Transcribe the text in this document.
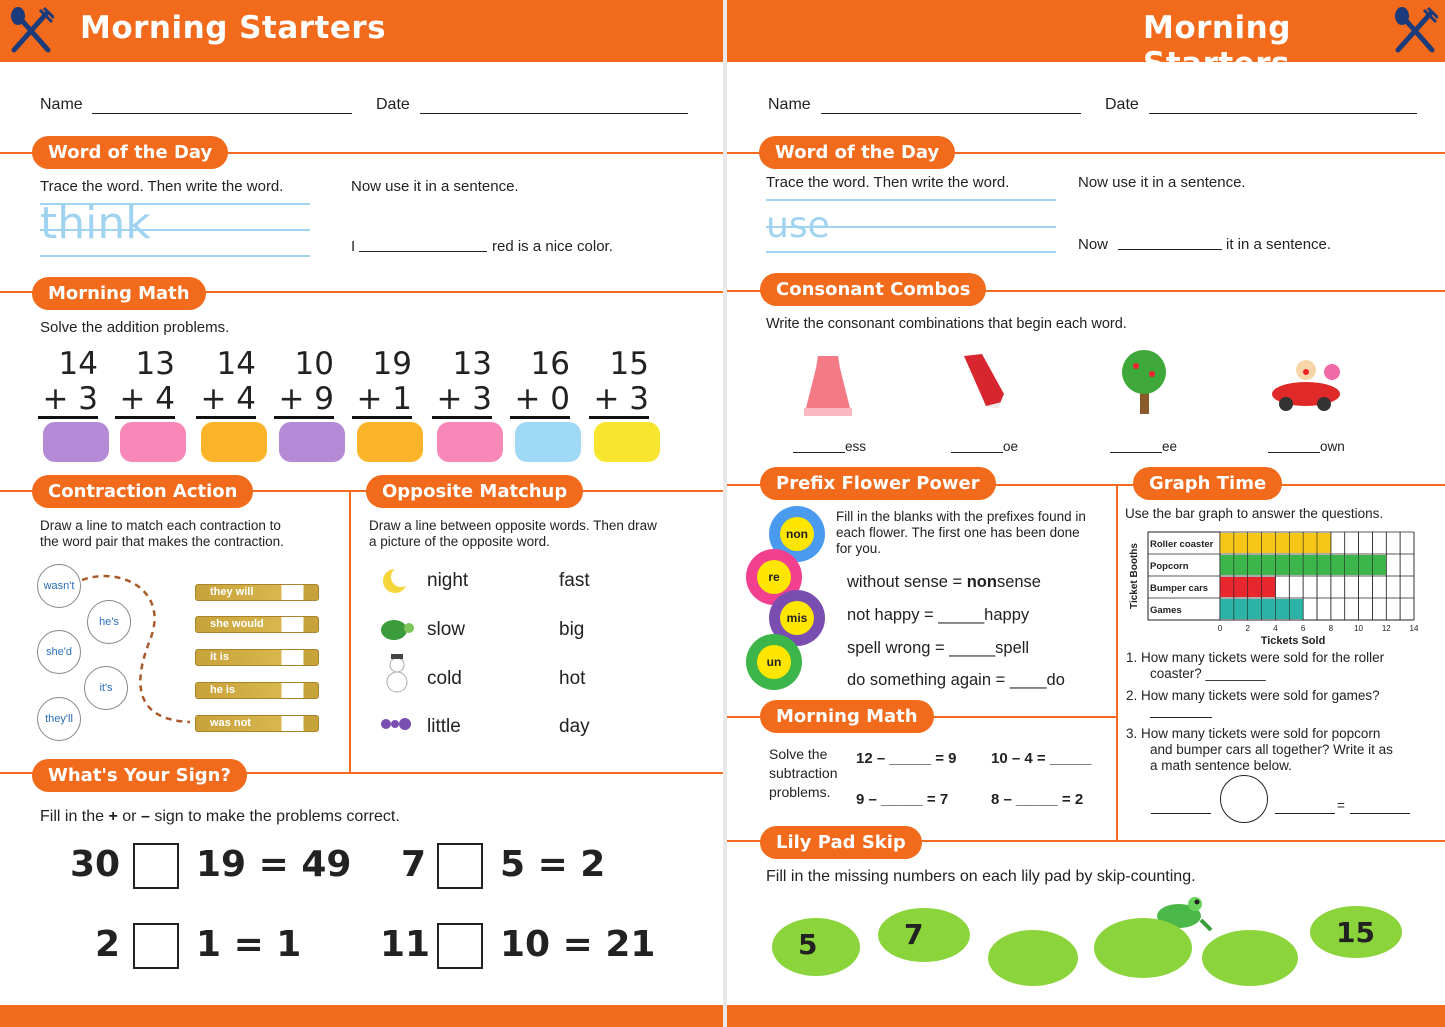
Morning Starters	Morning Starters
Name	Date
Word of the Day
Trace the word. Then write the word.
think
Now use it in a sentence.
I	red is a nice color.
Morning Math
Solve the addition problems.
14
+ 3
13
+ 4
14
+ 4
10
+ 9
19
+ 1
13
+ 3
16
+ 0
15
+ 3
Contraction Action
Draw a line to match each contraction to
the word pair that makes the contraction.
wasn't
he's
she'd
it's
they'll
they will
she would
it is
he is
was not
Opposite Matchup
Draw a line between opposite words. Then draw
a picture of the opposite word.
night	fast
slow	big
cold	hot
little	day
What's Your Sign?
Fill in the + or – sign to make the problems correct.
30 19 = 49 7 5 = 2
2 1 = 1 11 10 = 21
Name	Date
Word of the Day
Trace the word. Then write the word.
use
Now use it in a sentence.
Now	it in a sentence.
Consonant Combos
Write the consonant combinations that begin each word.
ess	oe	ee	own
Prefix Flower Power
Fill in the blanks with the prefixes found in
each flower. The first one has been done
for you.
non
re
mis
un
without sense = nonsense
not happy = _____happy
spell wrong = _____spell
do something again = ____do
Graph Time
Use the bar graph to answer the questions.
Roller coaster
Popcorn
Bumper cars
Games
0	2	4	6	8	10 12 14
Tickets Sold
Ticket Booths
1. How many tickets were sold for the roller
coaster? ________
2. How many tickets were sold for games?
3. How many tickets were sold for popcorn
and bumper cars all together? Write it as
a math sentence below.
=
Morning Math
Solve the
subtraction
problems.
12 – _____ = 9 10 – 4 = _____
9 – _____ = 7	8 – _____ = 2
Lily Pad Skip
Fill in the missing numbers on each lily pad by skip-counting.
5	7	15
